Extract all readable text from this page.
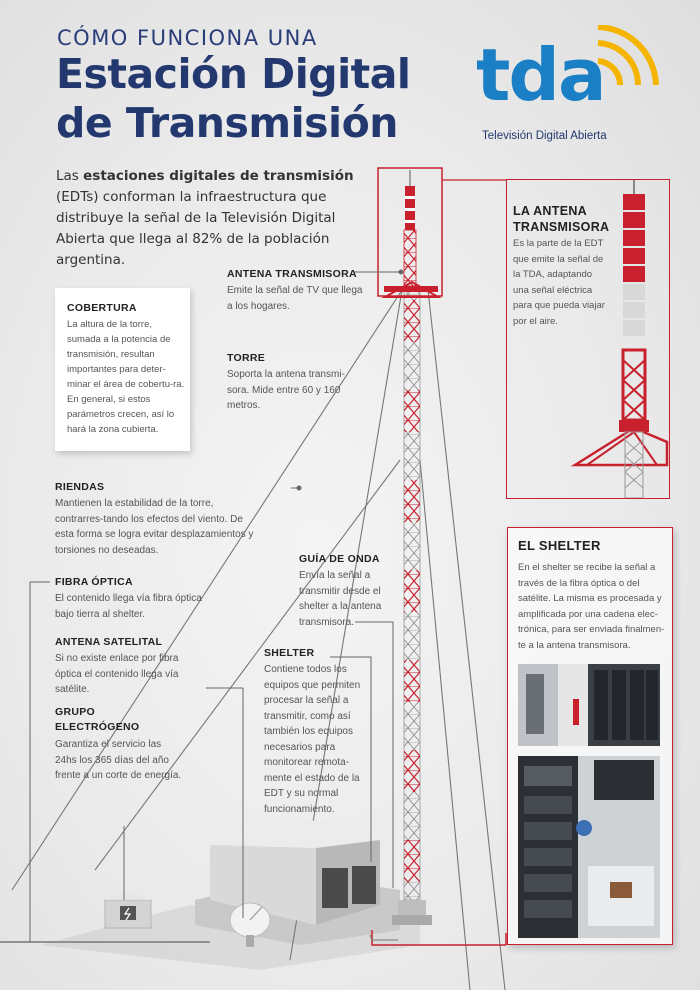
CÓMO FUNCIONA UNA
Estación Digital
de Transmisión
tda
Televisión Digital Abierta
Las estaciones digitales de transmisión (EDTs) conforman la infraestructura que distribuye la señal de la Televisión Digital Abierta que llega al 82% de la población argentina.
ANTENA TRANSMISORA
Emite la señal de TV que llega a los hogares.
TORRE
Soporta la antena transmi-sora. Mide entre 60 y 160 metros.
COBERTURA
La altura de la torre, sumada a la potencia de transmisión, resultan importantes para deter-minar el área de cobertu-ra. En general, si estos parámetros crecen, así lo hará la zona cubierta.
RIENDAS
Mantienen la estabilidad de la torre, contrarres-tando los efectos del viento. De esta forma se logra evitar desplazamientos y torsiones no deseadas.
FIBRA ÓPTICA
El contenido llega vía fibra óptica bajo tierra al shelter.
ANTENA SATELITAL
Si no existe enlace por fibra óptica el contenido llega vía satélite.
GRUPO
ELECTRÓGENO
Garantiza el servicio las 24hs los 365 días del año frente a un corte de energía.
GUÍA DE ONDA
Envía la señal a transmitir desde el shelter a la antena transmisora.
SHELTER
Contiene todos los equipos que permiten procesar la señal a transmitir, como así también los equipos necesarios para monitorear remota-mente el estado de la EDT y su normal funcionamiento.
LA ANTENA
TRANSMISORA
Es la parte de la EDT que emite la señal de la TDA, adaptando una señal eléctrica para que pueda viajar por el aire.
EL SHELTER
En el shelter se recibe la señal a través de la fibra óptica o del satélite. La misma es procesada y amplificada por una cadena elec-trónica, para ser enviada finalmen-te a la antena transmisora.
